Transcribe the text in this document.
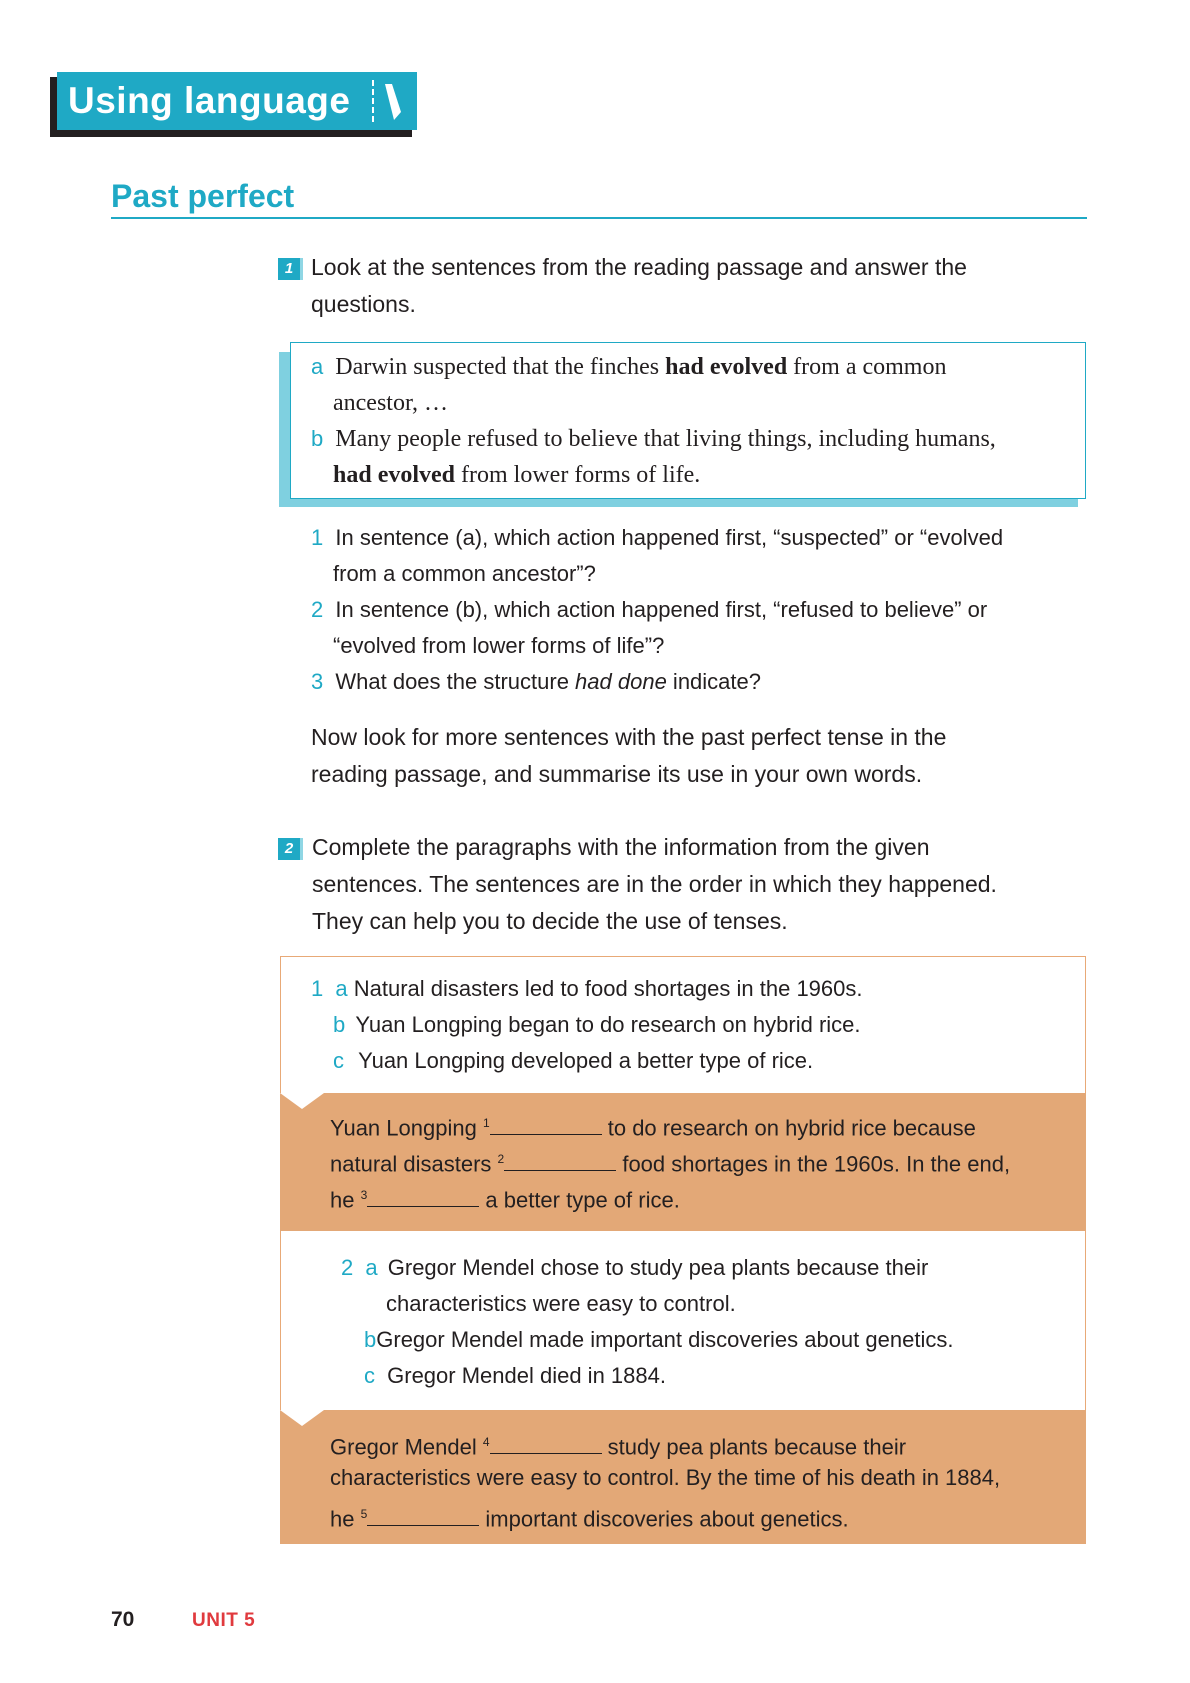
Using language
Past perfect
1 Look at the sentences from the reading passage and answer the
questions.
a Darwin suspected that the finches had evolved from a common
ancestor, …
b Many people refused to believe that living things, including humans,
had evolved from lower forms of life.
1 In sentence (a), which action happened first, “suspected” or “evolved
from a common ancestor”?
2 In sentence (b), which action happened first, “refused to believe” or
“evolved from lower forms of life”?
3 What does the structure had done indicate?
Now look for more sentences with the past perfect tense in the
reading passage, and summarise its use in your own words.
2 Complete the paragraphs with the information from the given
sentences. The sentences are in the order in which they happened.
They can help you to decide the use of tenses.
1 a Natural disasters led to food shortages in the 1960s.
b Yuan Longping began to do research on hybrid rice.
c Yuan Longping developed a better type of rice.
Yuan Longping $^1$	to do research on hybrid rice because
natural disasters $^2$	food shortages in the 1960s. In the end,
he $^3$	a better type of rice.
2 a Gregor Mendel chose to study pea plants because their
characteristics were easy to control.
bGregor Mendel made important discoveries about genetics.
c Gregor Mendel died in 1884.
Gregor Mendel $^4$	study pea plants because their
characteristics were easy to control. By the time of his death in 1884,
he $^5$	important discoveries about genetics.
70	UNIT 5
